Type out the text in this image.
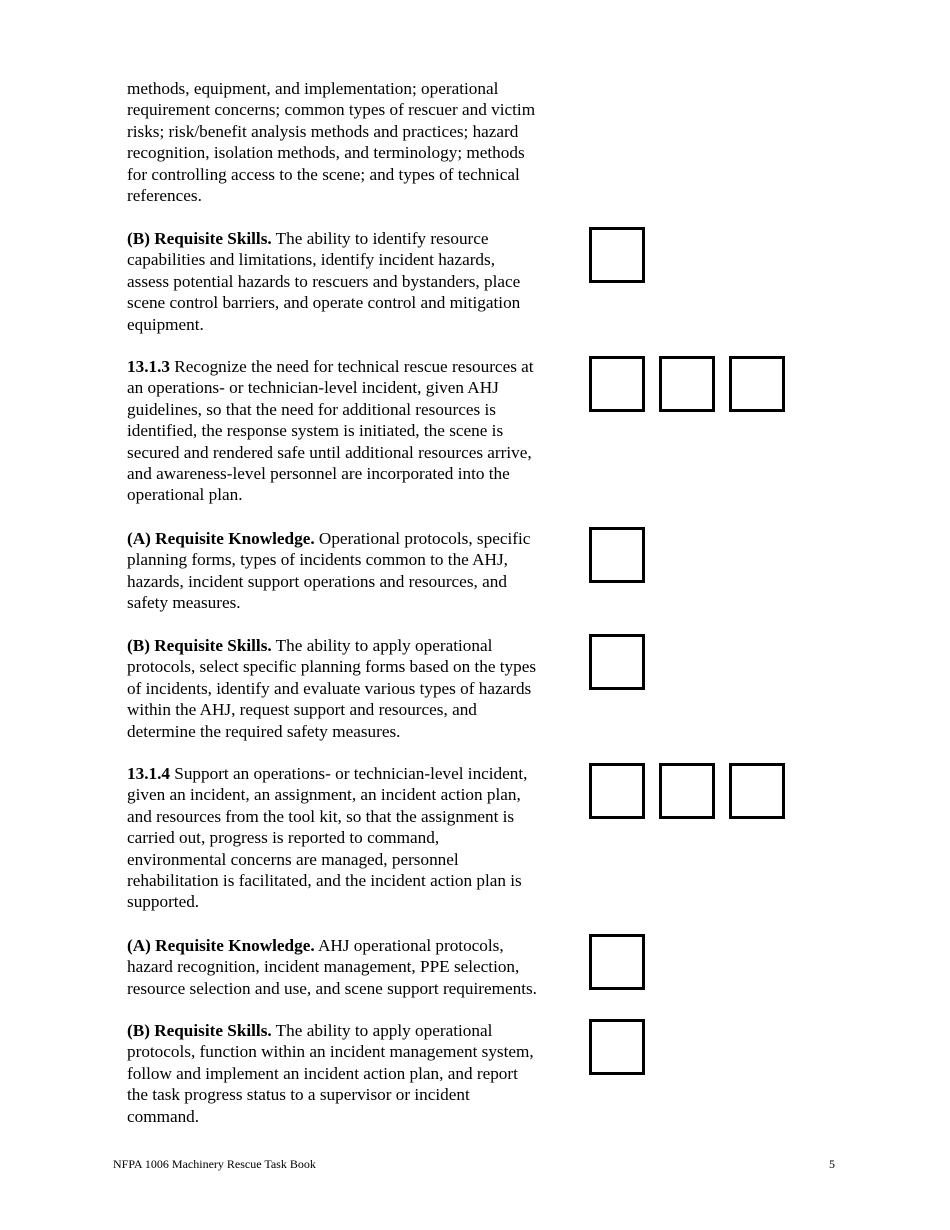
methods, equipment, and implementation; operational
requirement concerns; common types of rescuer and victim
risks; risk/benefit analysis methods and practices; hazard
recognition, isolation methods, and terminology; methods
for controlling access to the scene; and types of technical
references.

(B) Requisite Skills. The ability to identify resource
capabilities and limitations, identify incident hazards,
assess potential hazards to rescuers and bystanders, place
scene control barriers, and operate control and mitigation
equipment.

13.1.3 Recognize the need for technical rescue resources at
an operations- or technician-level incident, given AHJ
guidelines, so that the need for additional resources is
identified, the response system is initiated, the scene is
secured and rendered safe until additional resources arrive,
and awareness-level personnel are incorporated into the
operational plan.

(A) Requisite Knowledge. Operational protocols, specific
planning forms, types of incidents common to the AHJ,
hazards, incident support operations and resources, and
safety measures.

(B) Requisite Skills. The ability to apply operational
protocols, select specific planning forms based on the types
of incidents, identify and evaluate various types of hazards
within the AHJ, request support and resources, and
determine the required safety measures.

13.1.4 Support an operations- or technician-level incident,
given an incident, an assignment, an incident action plan,
and resources from the tool kit, so that the assignment is
carried out, progress is reported to command,
environmental concerns are managed, personnel
rehabilitation is facilitated, and the incident action plan is
supported.

(A) Requisite Knowledge. AHJ operational protocols,
hazard recognition, incident management, PPE selection,
resource selection and use, and scene support requirements.

(B) Requisite Skills. The ability to apply operational
protocols, function within an incident management system,
follow and implement an incident action plan, and report
the task progress status to a supervisor or incident
command.

NFPA 1006 Machinery Rescue Task Book	5
